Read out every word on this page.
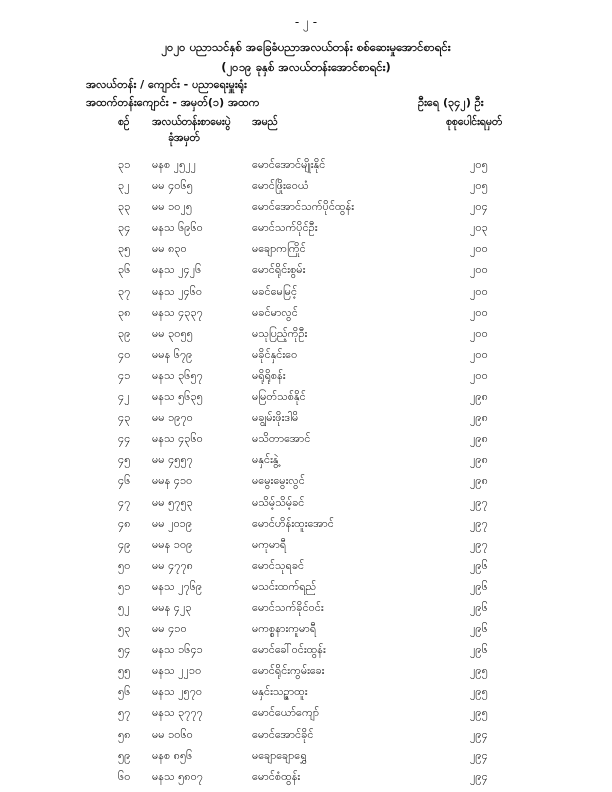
- ၂ -
၂၀၂၀ ပညာသင်နှစ် အခြေခံပညာအလယ်တန်း စစ်ဆေးမှုအောင်စာရင်း
(၂၀၁၉ ခုနှစ် အလယ်တန်းအောင်စာရင်း)
အလယ်တန်း / ကျောင်း - ပညာရေးမှူးရုံး
အထက်တန်းကျောင်း - အမှတ်(၁) အထက	ဦးရေ (၃၄၂) ဦး
စဉ် အလယ်တန်းစာမေးပွဲ
ခုံအမှတ်
အမည်	စုစုပေါင်းရမှတ်
၃၁ မနစ ၂၅၂၂	မောင်အောင်မျိုးနိုင်	၂၀၅
၃၂ မမ ၄၀၆၅	မောင်ဖြိုးဝေယံ	၂၀၅
၃၃ မမ ၁၀၂၅	မောင်အောင်သက်ပိုင်ထွန်း	၂၀၄
၃၄ မနသ ၆၉၆၀	မောင်သက်ပိုင်ဦး	၂၀၃
၃၅ မမ ၈၃၀	မချောကကြိုင်	၂၀၀
၃၆ မနသ ၂၄၂၆	မောင်ရိုင်းစွမ်း	၂၀၀
၃၇ မနသ ၂၄၆၀	မခင်မေမြင့်	၂၀၀
၃၈ မနသ ၄၃၃၇	မခင်မာလွင်	၂၀၀
၃၉ မမ ၃၀၅၅	မသုပြည့်ကိုဦး	၂၀၀
၄၀ မမန ၆၇၉	မခိုင်နှင်းဝေ	၂၀၀
၄၁ မနသ ၃၆၅၇	မရိုရိုစန်း	၂၀၀
၄၂ မနသ ၅၆၃၅	မမြတ်သစ်နိုင်	၂၉၈
၄၃ မမ ၁၉၇၀	မချွမ်းဖိုးဒါမိ	၂၉၈
၄၄ မနသ ၄၃၆၀	မသိတာအောင်	၂၉၈
၄၅ မမ ၄၅၅၇	မနှင်းနွဲ့	၂၉၈
၄၆ မမန ၄၁၀	မမွေးမွေးလွင်	၂၉၈
၄၇ မမ ၅၇၅၃	မသိမ့်သိမ့်ခင်	၂၉၇
၄၈ မမ ၂၀၁၉	မောင်ဟိန်းထူးအောင်	၂၉၇
၄၉ မမန ၁၀၉	မကုမာရီ	၂၉၇
၅၀ မမ ၄၇၇၈	မောင်သုရခင်	၂၉၆
၅၁ မနသ ၂၇၆၉	မသင်းထက်ရည်	၂၉၆
၅၂ မမန ၄၂၃	မောင်သက်ခိုင်ဝင်း	၂၉၆
၅၃ မမ ၄၁၀	မကစ္စနားကူမာရီ	၂၉၆
၅၄ မနသ ၁၆၄၁	မောင်ခေါ်ဝင်းထွန်း	၂၉၆
၅၅ မနသ ၂၂၁၀	မောင်ရိုင်းကွမ်းခေး	၂၉၅
၅၆ မနသ ၂၅၇၀	မနှင်းသဉ္ဇာထူး	၂၉၅
၅၇ မနသ ၃၇၇၇	မောင်ယော်ကျော်	၂၉၅
၅၈ မမ ၁၀၆၀	မောင်အောင်ခိုင်	၂၉၄
၅၉ မနစ ၈၅၆	မချောချောရွှေ	၂၉၄
၆၀ မနသ ၅၈၀၇	မောင်စံထွန်း	၂၉၄
